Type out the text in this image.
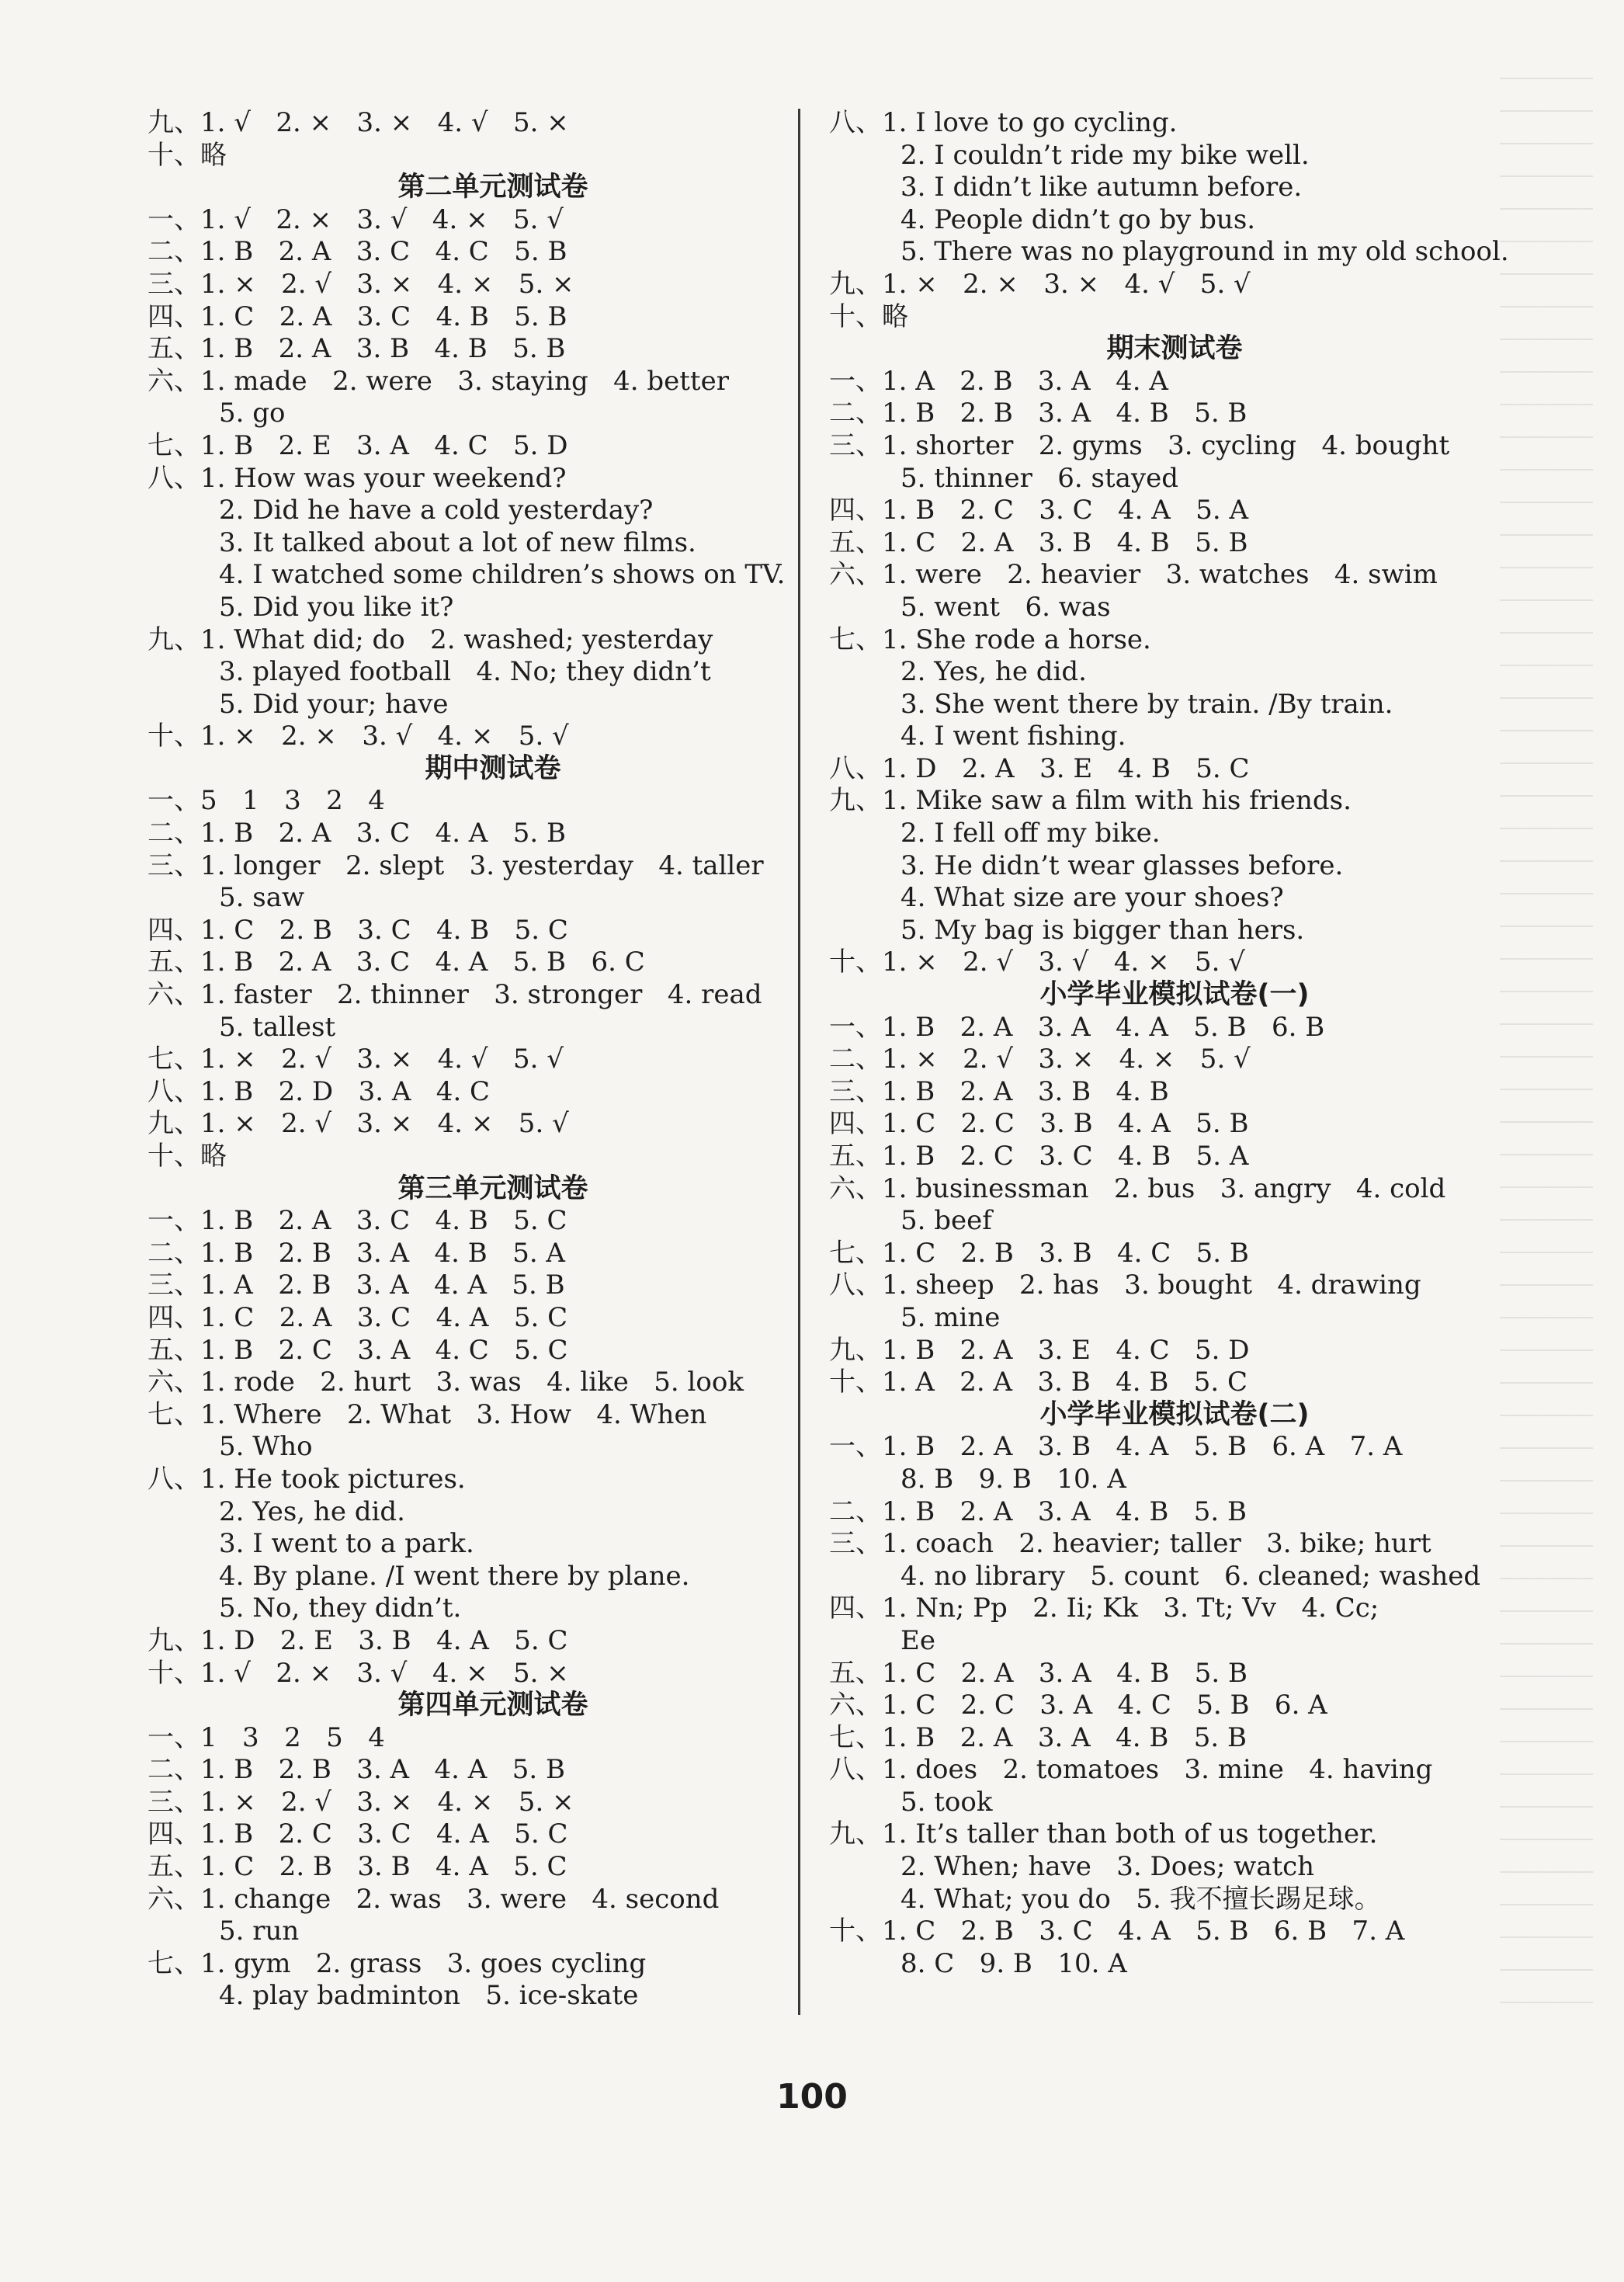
九、1. √   2. ×   3. ×   4. √   5. ×
十、略
第二单元测试卷
一、1. √   2. ×   3. √   4. ×   5. √
二、1. B   2. A   3. C   4. C   5. B
三、1. ×   2. √   3. ×   4. ×   5. ×
四、1. C   2. A   3. C   4. B   5. B
五、1. B   2. A   3. B   4. B   5. B
六、1. made   2. were   3. staying   4. better
5. go
七、1. B   2. E   3. A   4. C   5. D
八、1. How was your weekend?
2. Did he have a cold yesterday?
3. It talked about a lot of new films.
4. I watched some children’s shows on TV.
5. Did you like it?
九、1. What did; do   2. washed; yesterday
3. played football   4. No; they didn’t
5. Did your; have
十、1. ×   2. ×   3. √   4. ×   5. √
期中测试卷
一、5   1   3   2   4
二、1. B   2. A   3. C   4. A   5. B
三、1. longer   2. slept   3. yesterday   4. taller
5. saw
四、1. C   2. B   3. C   4. B   5. C
五、1. B   2. A   3. C   4. A   5. B   6. C
六、1. faster   2. thinner   3. stronger   4. read
5. tallest
七、1. ×   2. √   3. ×   4. √   5. √
八、1. B   2. D   3. A   4. C
九、1. ×   2. √   3. ×   4. ×   5. √
十、略
第三单元测试卷
一、1. B   2. A   3. C   4. B   5. C
二、1. B   2. B   3. A   4. B   5. A
三、1. A   2. B   3. A   4. A   5. B
四、1. C   2. A   3. C   4. A   5. C
五、1. B   2. C   3. A   4. C   5. C
六、1. rode   2. hurt   3. was   4. like   5. look
七、1. Where   2. What   3. How   4. When
5. Who
八、1. He took pictures.
2. Yes, he did.
3. I went to a park.
4. By plane. /I went there by plane.
5. No, they didn’t.
九、1. D   2. E   3. B   4. A   5. C
十、1. √   2. ×   3. √   4. ×   5. ×
第四单元测试卷
一、1   3   2   5   4
二、1. B   2. B   3. A   4. A   5. B
三、1. ×   2. √   3. ×   4. ×   5. ×
四、1. B   2. C   3. C   4. A   5. C
五、1. C   2. B   3. B   4. A   5. C
六、1. change   2. was   3. were   4. second
5. run
七、1. gym   2. grass   3. goes cycling
4. play badminton   5. ice-skate
八、1. I love to go cycling.
2. I couldn’t ride my bike well.
3. I didn’t like autumn before.
4. People didn’t go by bus.
5. There was no playground in my old school.
九、1. ×   2. ×   3. ×   4. √   5. √
十、略
期末测试卷
一、1. A   2. B   3. A   4. A
二、1. B   2. B   3. A   4. B   5. B
三、1. shorter   2. gyms   3. cycling   4. bought
5. thinner   6. stayed
四、1. B   2. C   3. C   4. A   5. A
五、1. C   2. A   3. B   4. B   5. B
六、1. were   2. heavier   3. watches   4. swim
5. went   6. was
七、1. She rode a horse.
2. Yes, he did.
3. She went there by train. /By train.
4. I went fishing.
八、1. D   2. A   3. E   4. B   5. C
九、1. Mike saw a film with his friends.
2. I fell off my bike.
3. He didn’t wear glasses before.
4. What size are your shoes?
5. My bag is bigger than hers.
十、1. ×   2. √   3. √   4. ×   5. √
小学毕业模拟试卷(一)
一、1. B   2. A   3. A   4. A   5. B   6. B
二、1. ×   2. √   3. ×   4. ×   5. √
三、1. B   2. A   3. B   4. B
四、1. C   2. C   3. B   4. A   5. B
五、1. B   2. C   3. C   4. B   5. A
六、1. businessman   2. bus   3. angry   4. cold
5. beef
七、1. C   2. B   3. B   4. C   5. B
八、1. sheep   2. has   3. bought   4. drawing
5. mine
九、1. B   2. A   3. E   4. C   5. D
十、1. A   2. A   3. B   4. B   5. C
小学毕业模拟试卷(二)
一、1. B   2. A   3. B   4. A   5. B   6. A   7. A
8. B   9. B   10. A
二、1. B   2. A   3. A   4. B   5. B
三、1. coach   2. heavier; taller   3. bike; hurt
4. no library   5. count   6. cleaned; washed
四、1. Nn; Pp   2. Ii; Kk   3. Tt; Vv   4. Cc;
Ee
五、1. C   2. A   3. A   4. B   5. B
六、1. C   2. C   3. A   4. C   5. B   6. A
七、1. B   2. A   3. A   4. B   5. B
八、1. does   2. tomatoes   3. mine   4. having
5. took
九、1. It’s taller than both of us together.
2. When; have   3. Does; watch
4. What; you do   5. 我不擅长踢足球。
十、1. C   2. B   3. C   4. A   5. B   6. B   7. A
8. C   9. B   10. A
100
